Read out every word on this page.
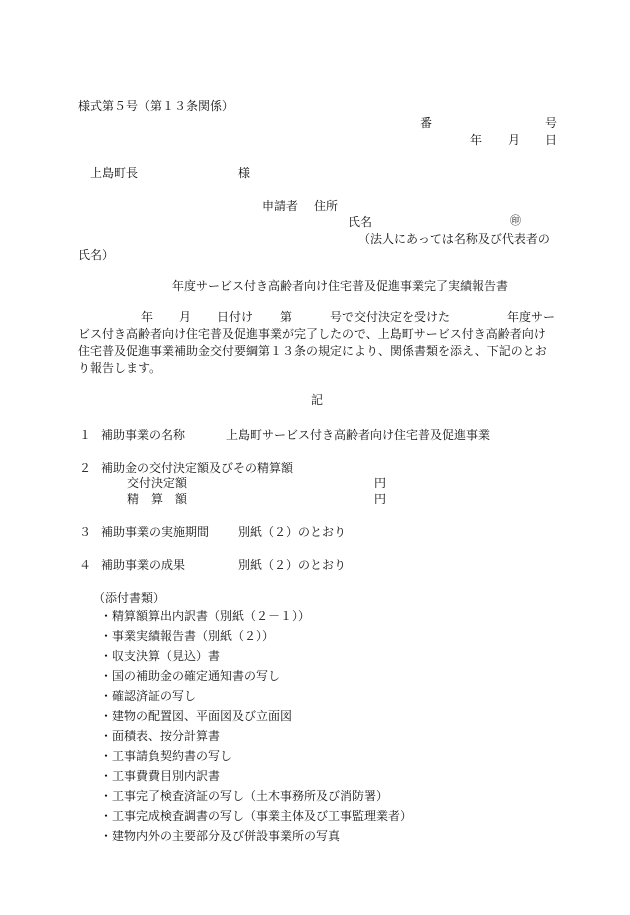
様式第５号（第１３条関係）
番	号
年 月 日
上島町長	様
申請者 住所
氏名	㊞
（法人にあっては名称及び代表者の
氏名）
年度サービス付き高齢者向け住宅普及促進事業完了実績報告書
年 月 日付け 第	号で交付決定を受けた	年度サー
ビス付き高齢者向け住宅普及促進事業が完了したので、上島町サービス付き高齢者向け
住宅普及促進事業補助金交付要綱第１３条の規定により、関係書類を添え、下記のとお
り報告します。
記
１ 補助事業の名称	上島町サービス付き高齢者向け住宅普及促進事業
２ 補助金の交付決定額及びその精算額
交付決定額	円
精　算　額	円
３ 補助事業の実施期間 別紙（２）のとおり
４ 補助事業の成果	別紙（２）のとおり
（添付書類）
・精算額算出内訳書（別紙（２－１））
・事業実績報告書（別紙（２））
・収支決算（見込）書
・国の補助金の確定通知書の写し
・確認済証の写し
・建物の配置図、平面図及び立面図
・面積表、按分計算書
・工事請負契約書の写し
・工事費費目別内訳書
・工事完了検査済証の写し（土木事務所及び消防署）
・工事完成検査調書の写し（事業主体及び工事監理業者）
・建物内外の主要部分及び併設事業所の写真
